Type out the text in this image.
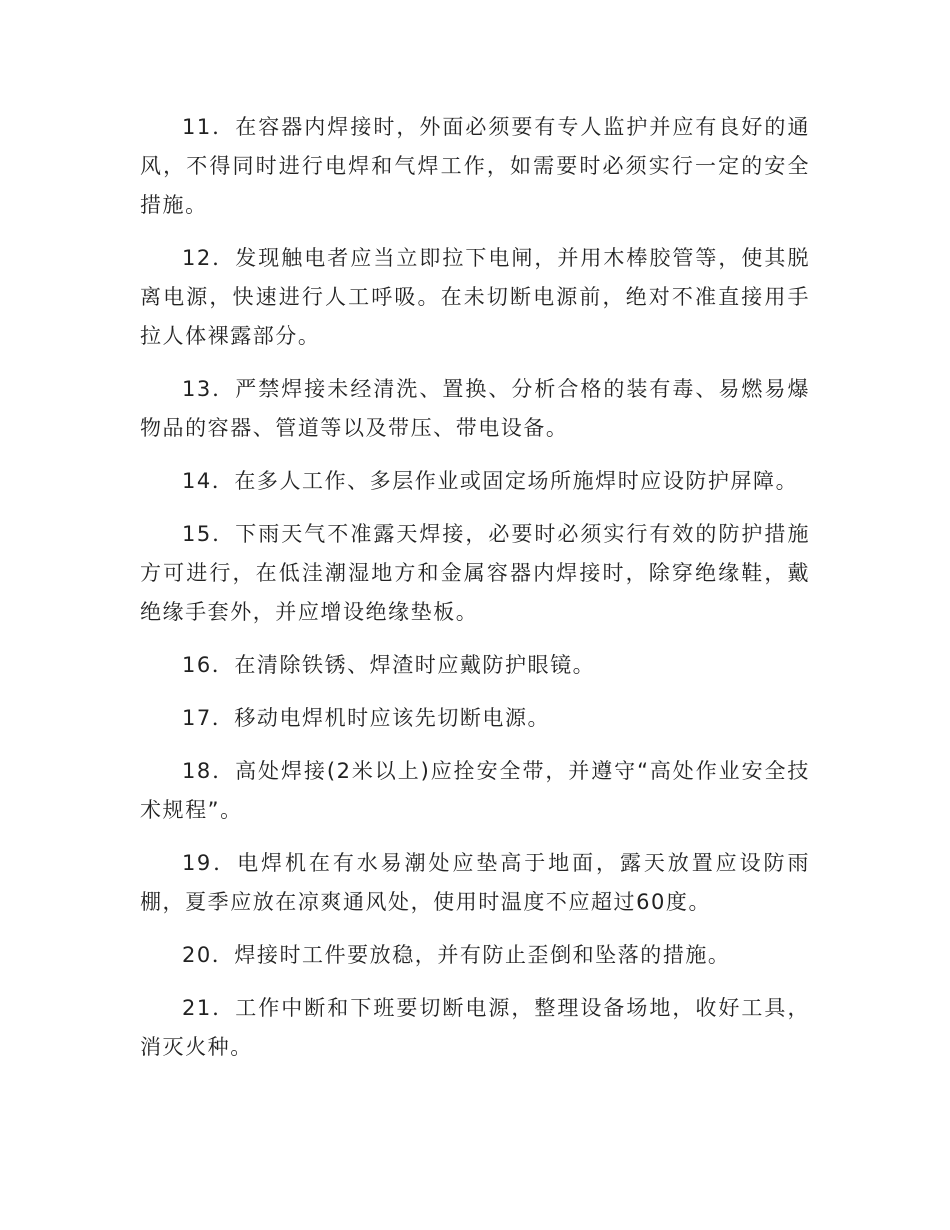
11．在容器内焊接时，外面必须要有专人监护并应有良好的通风，不得同时进行电焊和气焊工作，如需要时必须实行一定的安全措施。

12．发现触电者应当立即拉下电闸，并用木棒胶管等，使其脱离电源，快速进行人工呼吸。在未切断电源前，绝对不准直接用手拉人体裸露部分。

13．严禁焊接未经清洗、置换、分析合格的装有毒、易燃易爆物品的容器、管道等以及带压、带电设备。

14．在多人工作、多层作业或固定场所施焊时应设防护屏障。

15．下雨天气不准露天焊接，必要时必须实行有效的防护措施方可进行，在低洼潮湿地方和金属容器内焊接时，除穿绝缘鞋，戴绝缘手套外，并应增设绝缘垫板。

16．在清除铁锈、焊渣时应戴防护眼镜。

17．移动电焊机时应该先切断电源。

18．高处焊接(2米以上)应拴安全带，并遵守“高处作业安全技术规程”。

19．电焊机在有水易潮处应垫高于地面，露天放置应设防雨棚，夏季应放在凉爽通风处，使用时温度不应超过60度。

20．焊接时工件要放稳，并有防止歪倒和坠落的措施。

21．工作中断和下班要切断电源，整理设备场地，收好工具，消灭火种。
